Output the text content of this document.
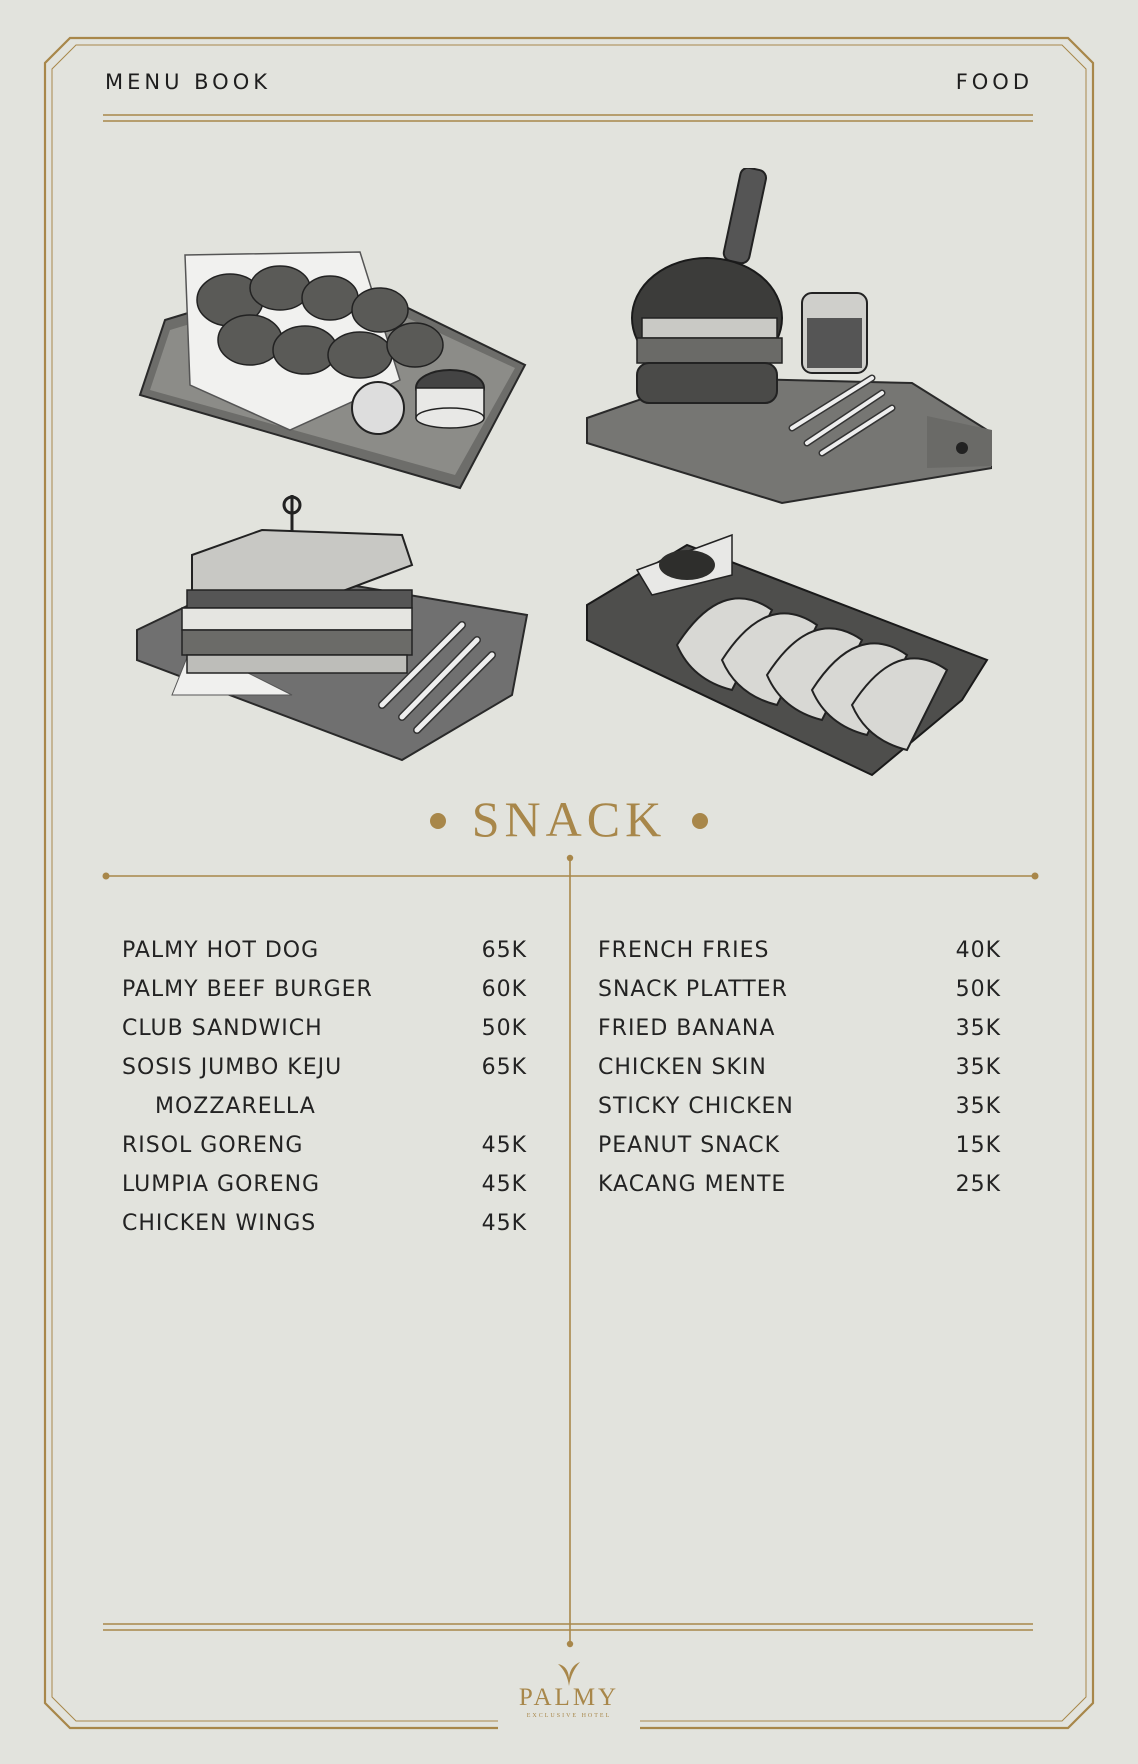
MENU BOOK	FOOD
SNACK
PALMY HOT DOG	65K
PALMY BEEF BURGER	60K
CLUB SANDWICH	50K
SOSIS JUMBO KEJU	65K
MOZZARELLA
RISOL GORENG	45K
LUMPIA GORENG	45K
CHICKEN WINGS	45K
FRENCH FRIES	40K
SNACK PLATTER	50K
FRIED BANANA	35K
CHICKEN SKIN	35K
STICKY CHICKEN	35K
PEANUT SNACK	15K
KACANG MENTE	25K
PALMY
EXCLUSIVE HOTEL
